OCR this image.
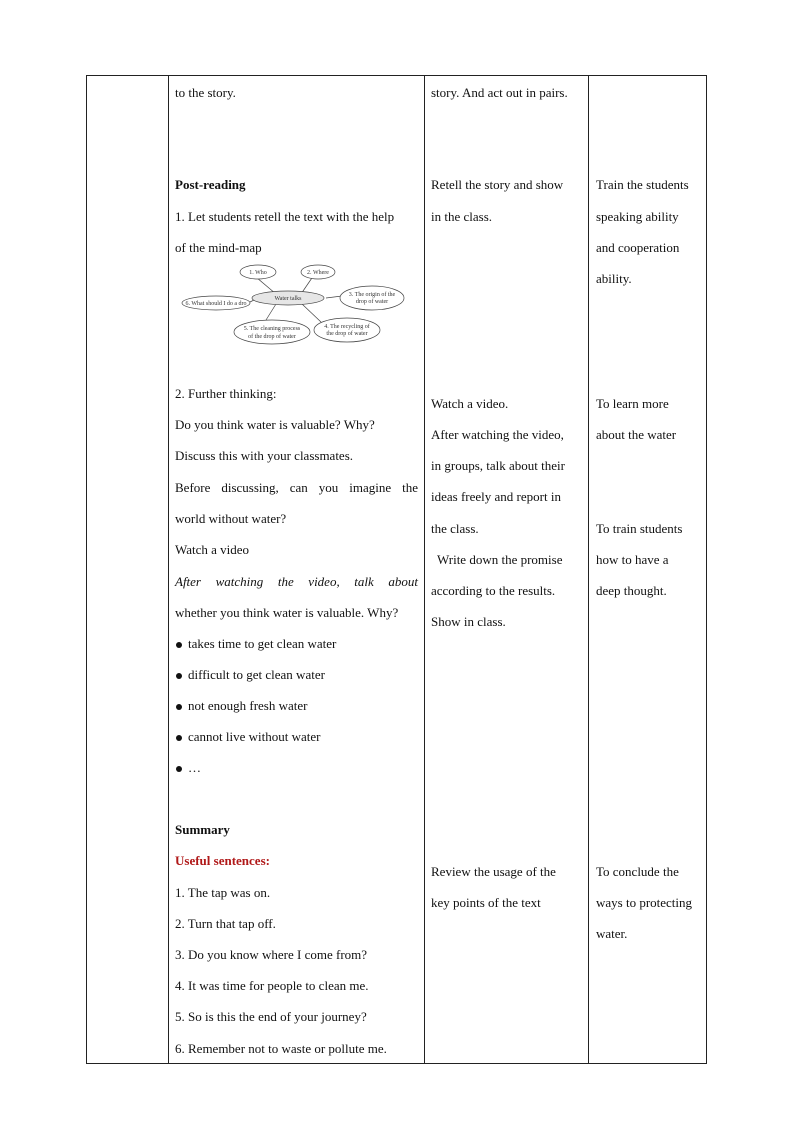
to the story.
Post-reading
1. Let students retell the text with the help
of the mind-map
Water talks
1. Who	2. Where
3. The origin of the
drop of water
4. The recycling of
the drop of water
5. The cleaning process
of the drop of water
6. What should I do a dro
2. Further thinking:
Do you think water is valuable? Why?
Discuss this with your classmates.
Before discussing, can you imagine the
world without water?
Watch a video
After watching the video, talk about
whether you think water is valuable. Why?
takes time to get clean water
difficult to get clean water
not enough fresh water
cannot live without water
…
Summary
Useful sentences:
1. The tap was on.
2. Turn that tap off.
3. Do you know where I come from?
4. It was time for people to clean me.
5. So is this the end of your journey?
6. Remember not to waste or pollute me.
story. And act out in pairs.
Retell the story and show
in the class.
Watch a video.
After watching the video,
in groups, talk about their
ideas freely and report in
the class.
Write down the promise
according to the results.
Show in class.
Review the usage of the
key points of the text
Train the students
speaking ability
and cooperation
ability.
To learn more
about the water
To train students
how to have a
deep thought.
To conclude the
ways to protecting
water.
